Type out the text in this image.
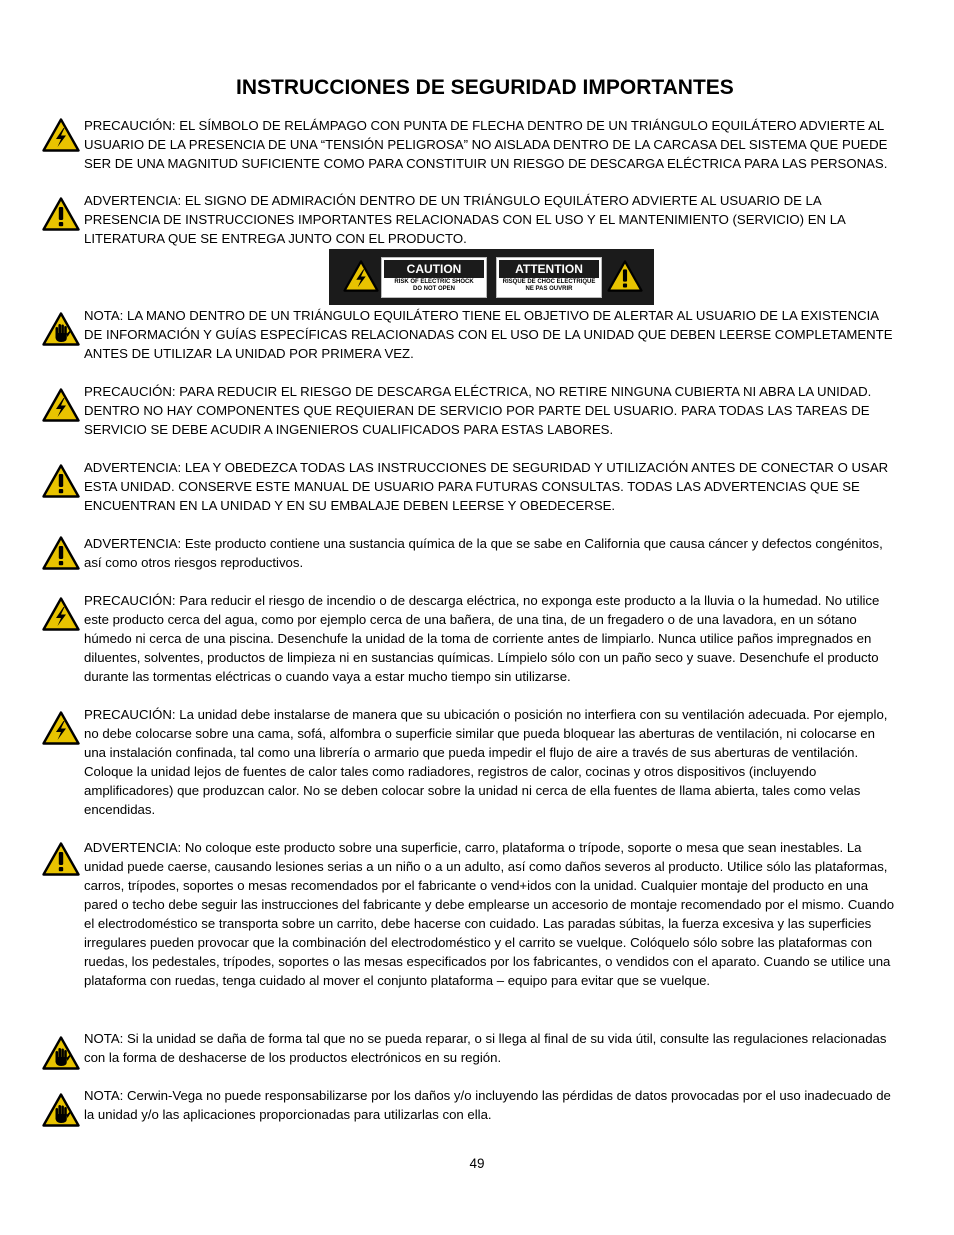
INSTRUCCIONES DE SEGURIDAD IMPORTANTES

PRECAUCIÓN: EL SÍMBOLO DE RELÁMPAGO CON PUNTA DE FLECHA DENTRO DE UN TRIÁNGULO EQUILÁTERO ADVIERTE AL USUARIO DE LA PRESENCIA DE UNA “TENSIÓN PELIGROSA” NO AISLADA DENTRO DE LA CARCASA DEL SISTEMA QUE PUEDE SER DE UNA MAGNITUD SUFICIENTE COMO PARA CONSTITUIR UN RIESGO DE DESCARGA ELÉCTRICA PARA LAS PERSONAS.

ADVERTENCIA: EL SIGNO DE ADMIRACIÓN DENTRO DE UN TRIÁNGULO EQUILÁTERO ADVIERTE AL USUARIO DE LA PRESENCIA DE INSTRUCCIONES IMPORTANTES RELACIONADAS CON EL USO Y EL MANTENIMIENTO (SERVICIO) EN LA LITERATURA QUE SE ENTREGA JUNTO CON EL PRODUCTO.

CAUTION
RISK OF ELECTRIC SHOCK
DO NOT OPEN
ATTENTION
RISQUE DE CHOC ELECTRIQUE
NE PAS OUVRIR

NOTA: LA MANO DENTRO DE UN TRIÁNGULO EQUILÁTERO TIENE EL OBJETIVO DE ALERTAR AL USUARIO DE LA EXISTENCIA DE INFORMACIÓN Y GUÍAS ESPECÍFICAS RELACIONADAS CON EL USO DE LA UNIDAD QUE DEBEN LEERSE COMPLETAMENTE ANTES DE UTILIZAR LA UNIDAD POR PRIMERA VEZ.

PRECAUCIÓN: PARA REDUCIR EL RIESGO DE DESCARGA ELÉCTRICA, NO RETIRE NINGUNA CUBIERTA NI ABRA LA UNIDAD. DENTRO NO HAY COMPONENTES QUE REQUIERAN DE SERVICIO POR PARTE DEL USUARIO. PARA TODAS LAS TAREAS DE SERVICIO SE DEBE ACUDIR A INGENIEROS CUALIFICADOS PARA ESTAS LABORES.

ADVERTENCIA: LEA Y OBEDEZCA TODAS LAS INSTRUCCIONES DE SEGURIDAD Y UTILIZACIÓN ANTES DE CONECTAR O USAR ESTA UNIDAD. CONSERVE ESTE MANUAL DE USUARIO PARA FUTURAS CONSULTAS. TODAS LAS ADVERTENCIAS QUE SE ENCUENTRAN EN LA UNIDAD Y EN SU EMBALAJE DEBEN LEERSE Y OBEDECERSE.

ADVERTENCIA: Este producto contiene una sustancia química de la que se sabe en California que causa cáncer y defectos congénitos, así como otros riesgos reproductivos.

PRECAUCIÓN: Para reducir el riesgo de incendio o de descarga eléctrica, no exponga este producto a la lluvia o la humedad. No utilice este producto cerca del agua, como por ejemplo cerca de una bañera, de una tina, de un fregadero o de una lavadora, en un sótano húmedo ni cerca de una piscina. Desenchufe la unidad de la toma de corriente antes de limpiarlo. Nunca utilice paños impregnados en diluentes, solventes, productos de limpieza ni en sustancias químicas. Límpielo sólo con un paño seco y suave. Desenchufe el producto durante las tormentas eléctricas o cuando vaya a estar mucho tiempo sin utilizarse.

PRECAUCIÓN: La unidad debe instalarse de manera que su ubicación o posición no interfiera con su ventilación adecuada. Por ejemplo, no debe colocarse sobre una cama, sofá, alfombra o superficie similar que pueda bloquear las aberturas de ventilación, ni colocarse en una instalación confinada, tal como una librería o armario que pueda impedir el flujo de aire a través de sus aberturas de ventilación. Coloque la unidad lejos de fuentes de calor tales como radiadores, registros de calor, cocinas y otros dispositivos (incluyendo amplificadores) que produzcan calor. No se deben colocar sobre la unidad ni cerca de ella fuentes de llama abierta, tales como velas encendidas.

ADVERTENCIA: No coloque este producto sobre una superficie, carro, plataforma o trípode, soporte o mesa que sean inestables. La unidad puede caerse, causando lesiones serias a un niño o a un adulto, así como daños severos al producto. Utilice sólo las plataformas, carros, trípodes, soportes o mesas recomendados por el fabricante o vend+idos con la unidad. Cualquier montaje del producto en una pared o techo debe seguir las instrucciones del fabricante y debe emplearse un accesorio de montaje recomendado por el mismo. Cuando el electrodoméstico se transporta sobre un carrito, debe hacerse con cuidado. Las paradas súbitas, la fuerza excesiva y las superficies irregulares pueden provocar que la combinación del electrodoméstico y el carrito se vuelque. Colóquelo sólo sobre las plataformas con ruedas, los pedestales, trípodes, soportes o las mesas especificados por los fabricantes, o vendidos con el aparato. Cuando se utilice una plataforma con ruedas, tenga cuidado al mover el conjunto plataforma – equipo para evitar que se vuelque.

NOTA: Si la unidad se daña de forma tal que no se pueda reparar, o si llega al final de su vida útil, consulte las regulaciones relacionadas con la forma de deshacerse de los productos electrónicos en su región.

NOTA: Cerwin-Vega no puede responsabilizarse por los daños y/o incluyendo las pérdidas de datos provocadas por el uso inadecuado de la unidad y/o las aplicaciones proporcionadas para utilizarlas con ella.

49
